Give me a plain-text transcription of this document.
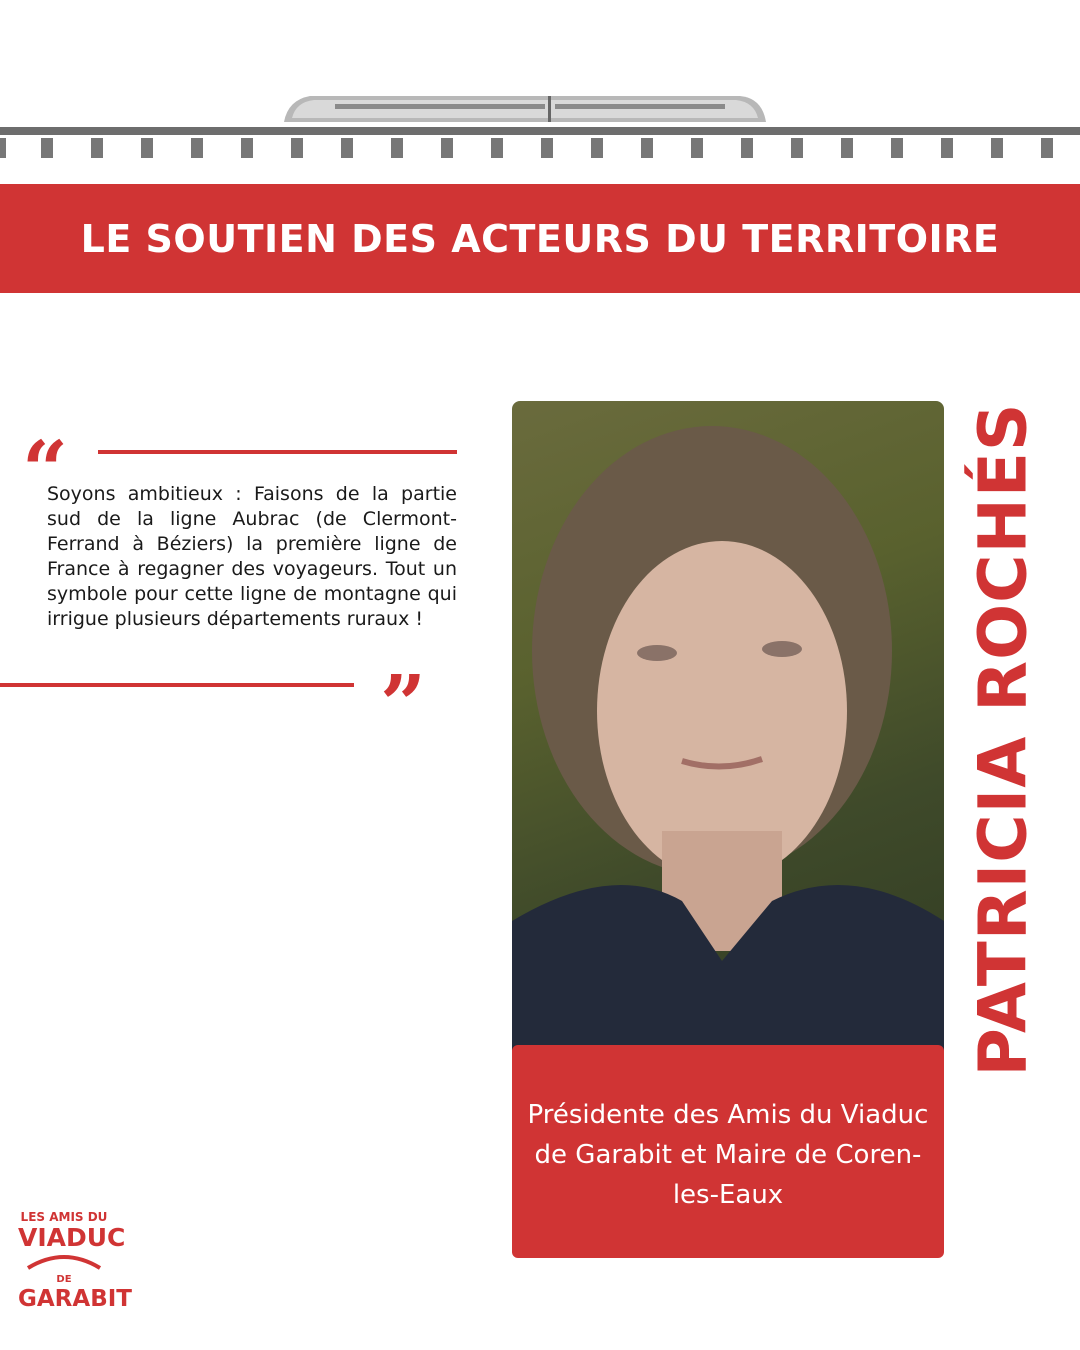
LE SOUTIEN DES ACTEURS DU TERRITOIRE
“
Soyons ambitieux : Faisons de la partie sud de la ligne Aubrac (de Clermont-Ferrand à Béziers) la première ligne de France à regagner des voyageurs. Tout un symbole pour cette ligne de montagne qui irrigue plusieurs départements ruraux !
”
Présidente des Amis du Viaduc de Garabit et Maire de Coren-les-Eaux
PATRICIA ROCHÉS
LES AMIS DU
VIADUC
DE
GARABIT
